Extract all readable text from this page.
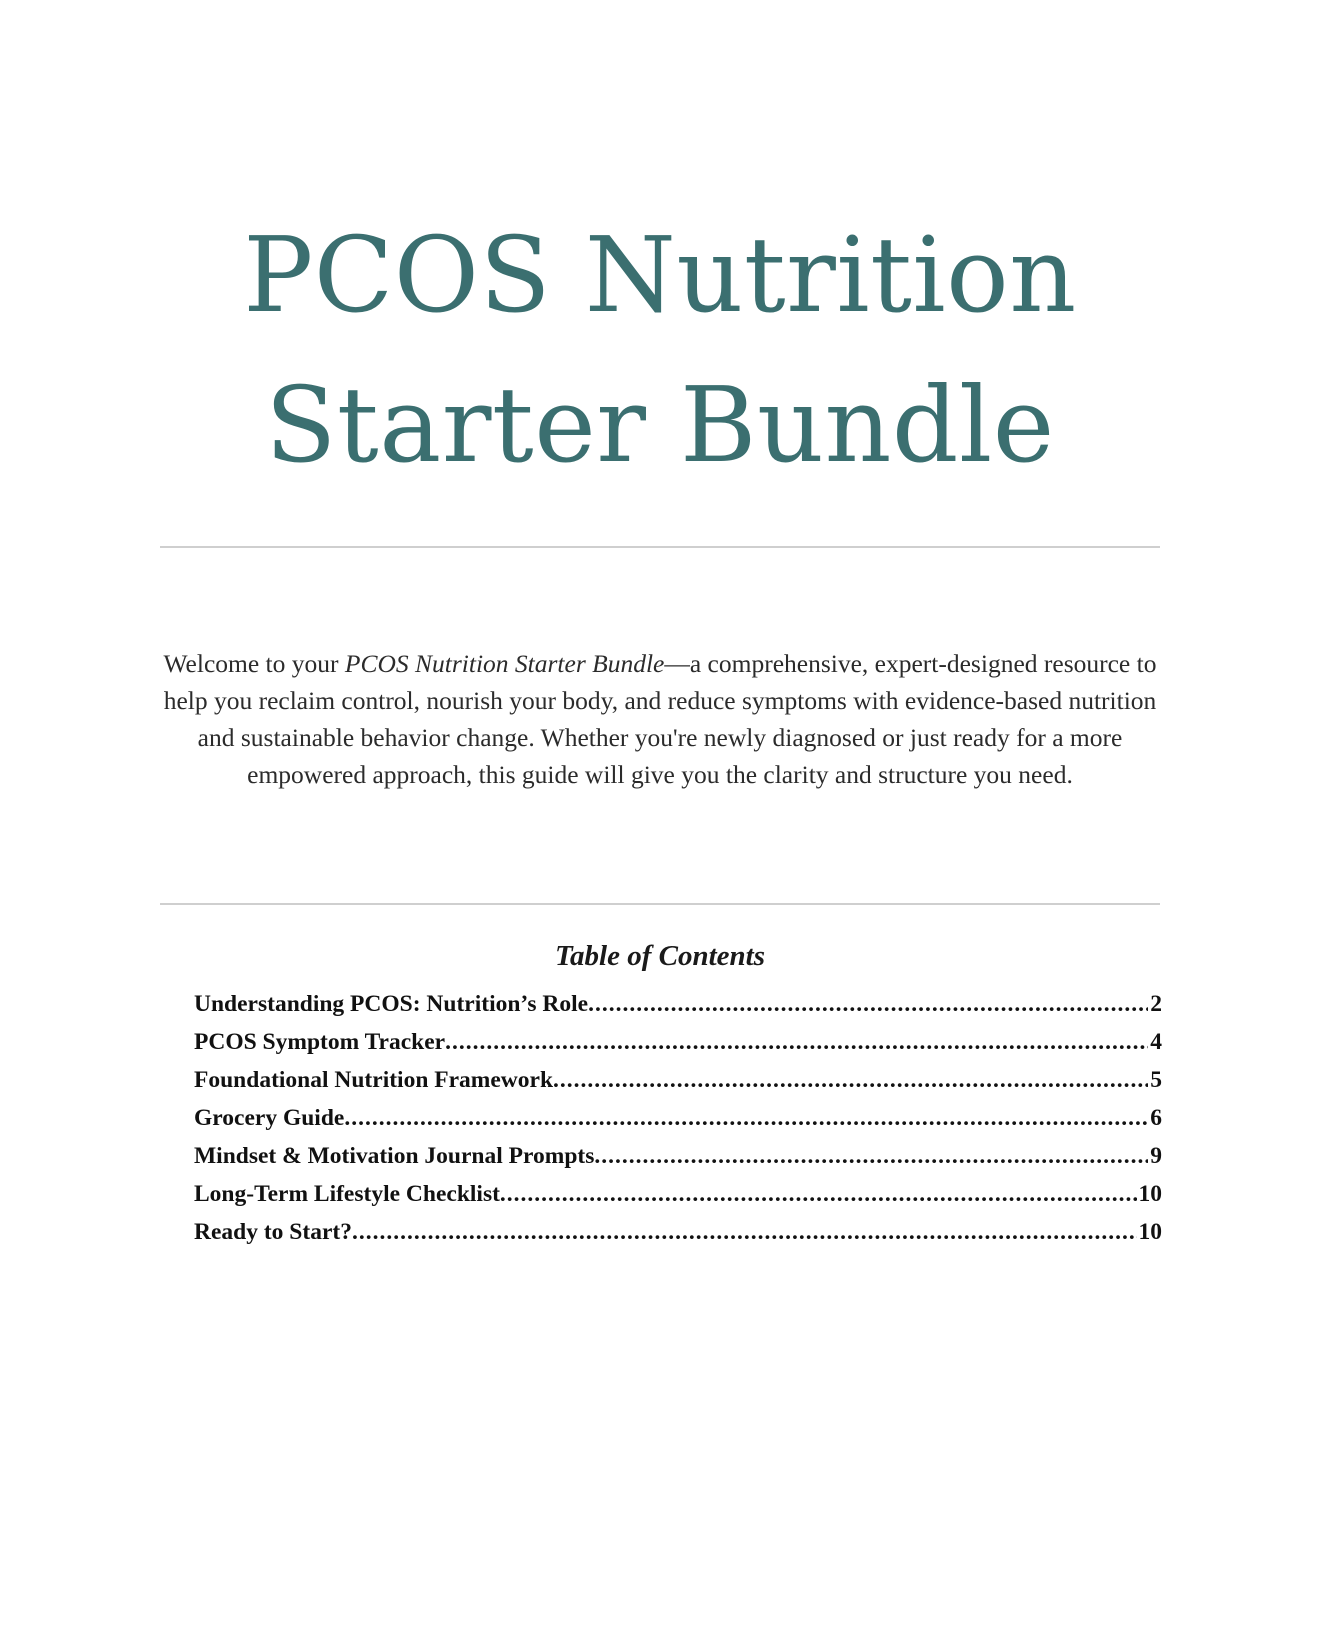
PCOS Nutrition
Starter Bundle

Welcome to your PCOS Nutrition Starter Bundle—a comprehensive, expert-designed resource to help you reclaim control, nourish your body, and reduce symptoms with evidence-based nutrition and sustainable behavior change. Whether you're newly diagnosed or just ready for a more empowered approach, this guide will give you the clarity and structure you need.

Table of Contents
Understanding PCOS: Nutrition’s Role .....	2
PCOS Symptom Tracker .....	4
Foundational Nutrition Framework .....	5
Grocery Guide .....	6
Mindset & Motivation Journal Prompts .....	9
Long-Term Lifestyle Checklist .....	10
Ready to Start? .....	10
